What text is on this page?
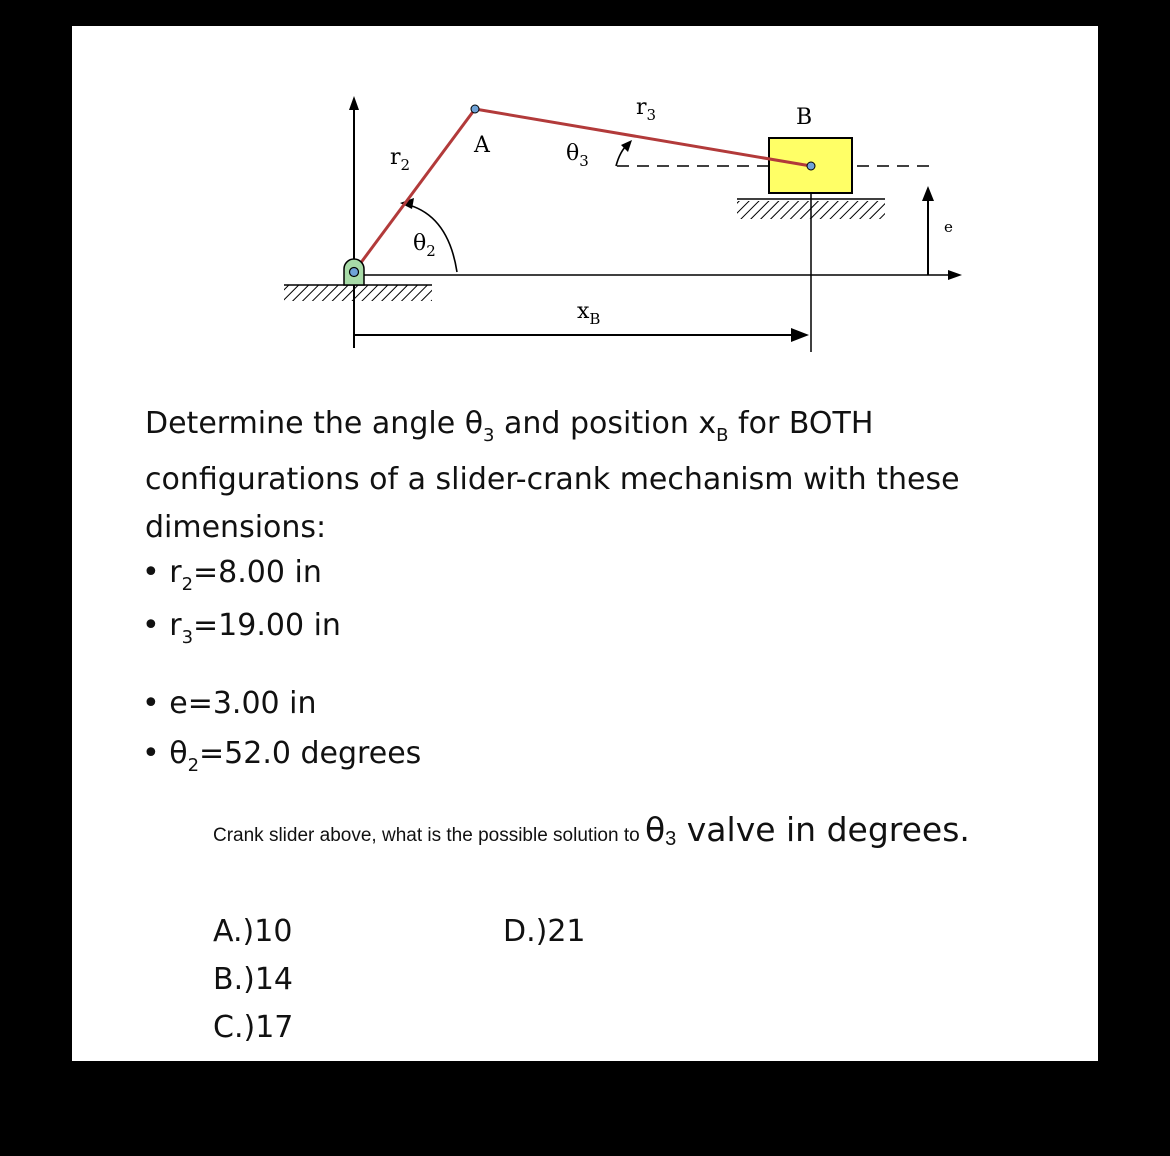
$r_2$
A	$\theta_3$
$r_3$	B
$\theta_2$
e
$x_B$
Determine the angle $\theta_3$ and position $x_B$ for BOTH
configurations of a slider-crank mechanism with these
dimensions:
• $r_2=8.00$ in
• $r_3=19.00$ in
• e=3.00 in
• $\theta_2=52.0$ degrees
Crank slider above, what is the possible solution to $\theta_3$ valve in degrees.
A.)10
B.)14
C.)17
D.)21
